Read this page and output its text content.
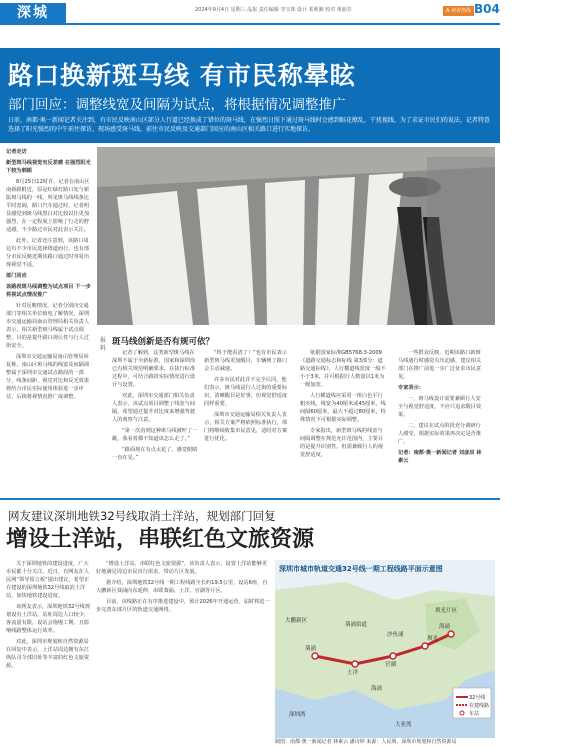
深城	2024年9月4日 星期三 晶报 责任编辑 李宝珠 设计 邓莉湘 校对 黄丽芳	A 读者热线 B04
路口换新斑马线 有市民称晕眩
部门回应：调整线宽及间隔为试点，将根据情况调整推广
日前，南都·奥一新闻记者关注到，有市民反映南山区部分人行道已经换成了错位的斑马线，在强烈日照下通过斑马线时会感到眼花缭乱，干扰视线。为了求证市民们的说法，记者特意选择了阳光强烈的中午前往探访，现场感受斑马线，前往市民反映及交通部门回应的南山区相关路口进行实地探访。

记者走访

新型斑马线视觉有反差感 在强烈阳光下较为刺眼

8月25日12时许，记者在南山区南新路附近，原是红绿灯路口处与新版斑马线的一线，所见斑马线线条比平时宽阔，路口汽车通过时，记者明显感觉到斑马线黑白对比较以往更加强烈，在一定程度上影响了行走的舒适感，不少路过市民对此表示关注。

此外，记者还注意到，该路口周边有不少市民选择绕道而行，也有部分市民反映近期该路口通过时容易出现视觉不适。

部门回应

该路段斑马线调整为试点项目 下一步将视试点情况推广

针对反映情况，记者分别向交通部门等相关单位致电了解情况，深圳市交通运输局南山管理局相关负责人表示，相关新型斑马线属于试点调整，目的是提升路口视认性与行人过街安全。

深圳市交通运输局南山管理局回复称，南山区斑马线的线宽及间隔调整属于深圳市交通试点路段的一部分，线条间距、视觉对比和反光效果将结合市民实际使用体验进一步评估，后续将视情况推广或调整。

正午时分，南山区工业七路与粤海路交叉口附近人行道。南都·奥一新闻记者 刘彦 辰 摄
报料
斑马线创新是否有规可依？

记者了解到，这类新型斑马线在深圳不属于全新标准，国家和深圳均已有相关规范明确要求，在执行标准过程中，可结合路段实际情况进行设计与设置。

对此，深圳市交通部门相关负责人表示，该试点项目调整了线宽与间隔，希望通过提升对比度来增强驾驶人的观察与注意。

“第一次看到这种斑马线被吓了一跳，我看着都不知道该怎么走了。”

“路面现在有点太花了，感觉眼睛一直在晃。”

“终于能看清了！”也有市民表示新型斑马线更加醒目，车辆到了路口会主动减速。

许多市民对此并不完全认同，他们表示，斑马线是行人过街的重要标识，清晰醒目是好事，但视觉舒适度同样重要。

深圳市交通运输局相关负责人表示，相关方案严格依照标准执行，部门将继续收集市民意见，适时对方案进行优化。

依据国家标准GB5768.3-2009《道路交通标志和标线 第3部分：道路交通标线》，人行横道线宽度一般不小于3米，并可根据行人数量以1米为一级加宽。

人行横道线应采用一组白色平行粗实线，线宽为40厘米或45厘米，线间隔60厘米，最大不超过80厘米，特殊情况下可根据实际调整。

专家指出，新型斑马线的线宽与间隔调整在规范允许范围内，主要目的是提升识别性，但需兼顾行人的视觉舒适度。

一些群众反映，近期该路口新斑马线通行时感觉有压迫感，建议相关部门在推广前进一步广泛征求市民意见。

专家表示：

一、斑马线设计需要兼顾行人安全与视觉舒适度，不应只追求醒目效果。

二、建议在试点阶段充分调研行人感受，根据实际效果再决定是否推广。

记者：南都·奥一新闻记者 刘彦辰 林素云

网友建议深圳地铁32号线取消土洋站，规划部门回复
增设土洋站，串联红色文旅资源

关于深圳地铁的建设进度，广大市民都十分关注。近日，有网友在人民网“领导留言板”提出建议，希望正在建设的深圳地铁32号线取消土洋站，加快地铁建设进度。

该网友表示，深圳地铁32号线规划设有土洋站，站址周边人口较少，客流量有限，设站会拖慢工期，且影响线路整体运行效率。

对此，深圳市规划和自然资源局在回复中表示，土洋站周边拥有东江纵队司令部旧址等丰富的红色文旅资源。

“增设土洋站，串联红色文旅资源”，该负责人表示，设置土洋站能够更好地满足周边市民出行需求，带动片区发展。

据介绍，深圳地铁32号线一期工程线路全长约19.5公里，设站6座，自大鹏新区葵涌向东延伸，串联葵涌、土洋、官湖等片区。

目前，该线路正在有序推进建设中，预计2026年开通运营。届时将进一步完善东部片区的轨道交通网络。

深圳市城市轨道交通32号线一期工程线路平面示意图
葵涌
土洋
官湖
坝光
海涌
大鹏新区
葵涌街道
坝光片区
深圳湾
海涌
沙鱼涌
大亚湾
32号线
在建线路
车站
制图：南都·奥一新闻记者 林素云 潘诗婷 来源：人民网、深圳市规划和自然资源局
